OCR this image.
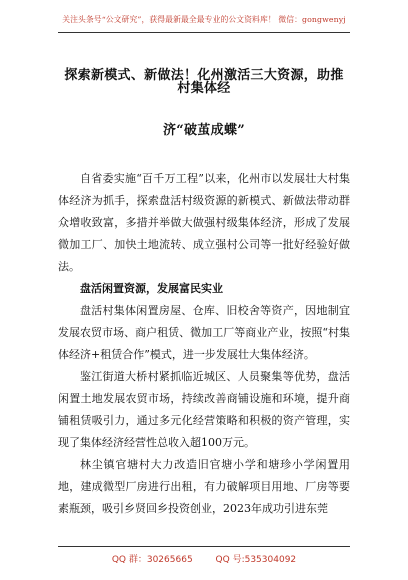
关注头条号“公文研究”，获得最新最全最专业的公文资料库！ 微信：gongwenyj
探索新模式、新做法！化州激活三大资源，助推村集体经
济“破茧成蝶”

自省委实施“百千万工程”以来，化州市以发展壮大村集体经济为抓手，探索盘活村级资源的新模式、新做法带动群众增收致富，多措并举做大做强村级集体经济，形成了发展微加工厂、加快土地流转、成立强村公司等一批好经验好做法。

盘活闲置资源，发展富民实业

盘活村集体闲置房屋、仓库、旧校舍等资产，因地制宜发展农贸市场、商户租赁、微加工厂等商业产业，按照“村集体经济+租赁合作”模式，进一步发展壮大集体经济。

鉴江街道大桥村紧抓临近城区、人员聚集等优势，盘活闲置土地发展农贸市场，持续改善商铺设施和环境，提升商铺租赁吸引力，通过多元化经营策略和积极的资产管理，实现了集体经济经营性总收入超100万元。

林尘镇官塘村大力改造旧官塘小学和塘珍小学闲置用地，建成微型厂房进行出租，有力破解项目用地、厂房等要素瓶颈，吸引乡贤回乡投资创业，2023年成功引进东莞

QQ 群：30265665	QQ 号:535304092
